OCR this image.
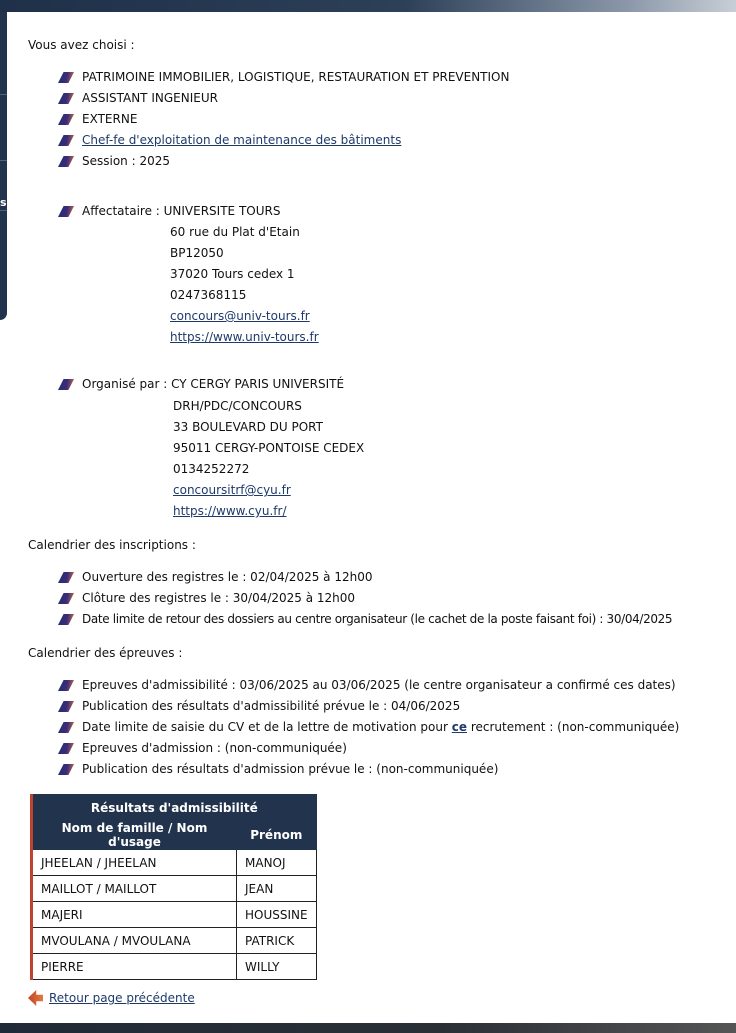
s

Vous avez choisi :

PATRIMOINE IMMOBILIER, LOGISTIQUE, RESTAURATION ET PREVENTION
ASSISTANT INGENIEUR
EXTERNE
Chef-fe d'exploitation de maintenance des bâtiments
Session : 2025
Affectataire : UNIVERSITE TOURS
60 rue du Plat d'Etain
BP12050
37020 Tours cedex 1
0247368115
concours@univ-tours.fr
https://www.univ-tours.fr
Organisé par : CY CERGY PARIS UNIVERSITÉ
DRH/PDC/CONCOURS
33 BOULEVARD DU PORT
95011 CERGY-PONTOISE CEDEX
0134252272
concoursitrf@cyu.fr
https://www.cyu.fr/

Calendrier des inscriptions :

Ouverture des registres le : 02/04/2025 à 12h00
Clôture des registres le : 30/04/2025 à 12h00
Date limite de retour des dossiers au centre organisateur (le cachet de la poste faisant foi) : 30/04/2025

Calendrier des épreuves :

Epreuves d'admissibilité : 03/06/2025 au 03/06/2025 (le centre organisateur a confirmé ces dates)
Publication des résultats d'admissibilité prévue le : 04/06/2025
Date limite de saisie du CV et de la lettre de motivation pour ce recrutement : (non-communiquée)
Epreuves d'admission : (non-communiquée)
Publication des résultats d'admission prévue le : (non-communiquée)
Résultats d'admissibilité	
Nom de famille / Nom d'usage	Prénom
JHEELAN / JHEELAN	MANOJ
MAILLOT / MAILLOT	JEAN
MAJERI	HOUSSINE
MVOULANA / MVOULANA	PATRICK
PIERRE	WILLY
Retour page précédente
